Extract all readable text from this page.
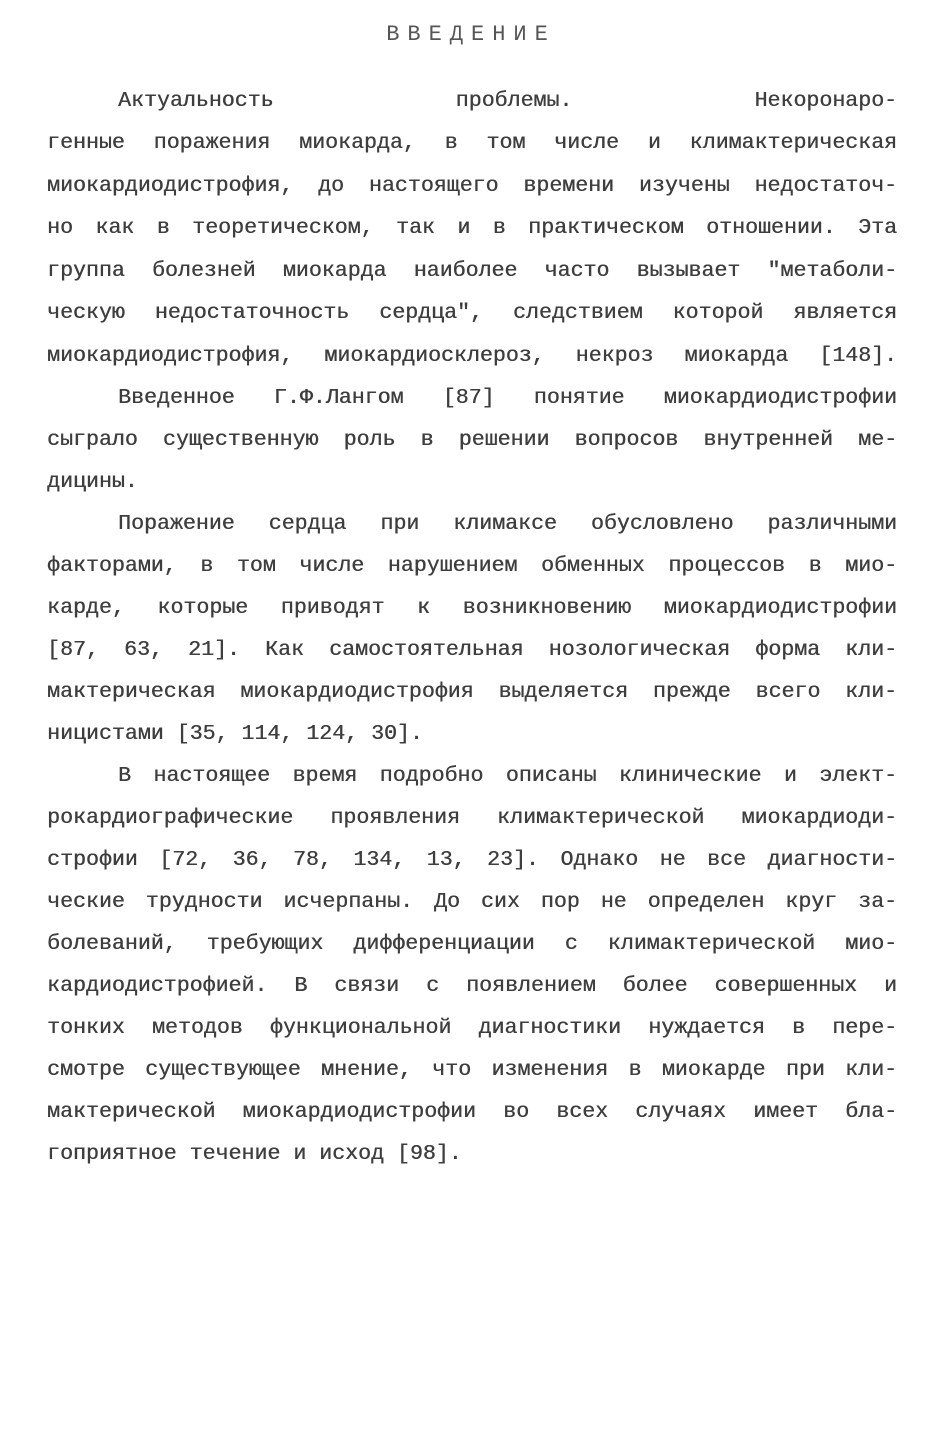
ВВЕДЕНИЕ
Актуальность проблемы. Некоронаро-
генные поражения миокарда, в том числе и климактерическая
миокардиодистрофия, до настоящего времени изучены недостаточ-
но как в теоретическом, так и в практическом отношении. Эта
группа болезней миокарда наиболее часто вызывает "метаболи-
ческую недостаточность сердца", следствием которой является
миокардиодистрофия, миокардиосклероз, некроз миокарда [148].
Введенное Г.Ф.Лангом [87] понятие миокардиодистрофии
сыграло существенную роль в решении вопросов внутренней ме-
дицины.
Поражение сердца при климаксе обусловлено различными
факторами, в том числе нарушением обменных процессов в мио-
карде, которые приводят к возникновению миокардиодистрофии
[87, 63, 21]. Как самостоятельная нозологическая форма кли-
мактерическая миокардиодистрофия выделяется прежде всего кли-
ницистами [35, 114, 124, 30].
В настоящее время подробно описаны клинические и элект-
рокардиографические проявления климактерической миокардиоди-
строфии [72, 36, 78, 134, 13, 23]. Однако не все диагности-
ческие трудности исчерпаны. До сих пор не определен круг за-
болеваний, требующих дифференциации с климактерической мио-
кардиодистрофией. В связи с появлением более совершенных и
тонких методов функциональной диагностики нуждается в пере-
смотре существующее мнение, что изменения в миокарде при кли-
мактерической миокардиодистрофии во всех случаях имеет бла-
гоприятное течение и исход [98].
